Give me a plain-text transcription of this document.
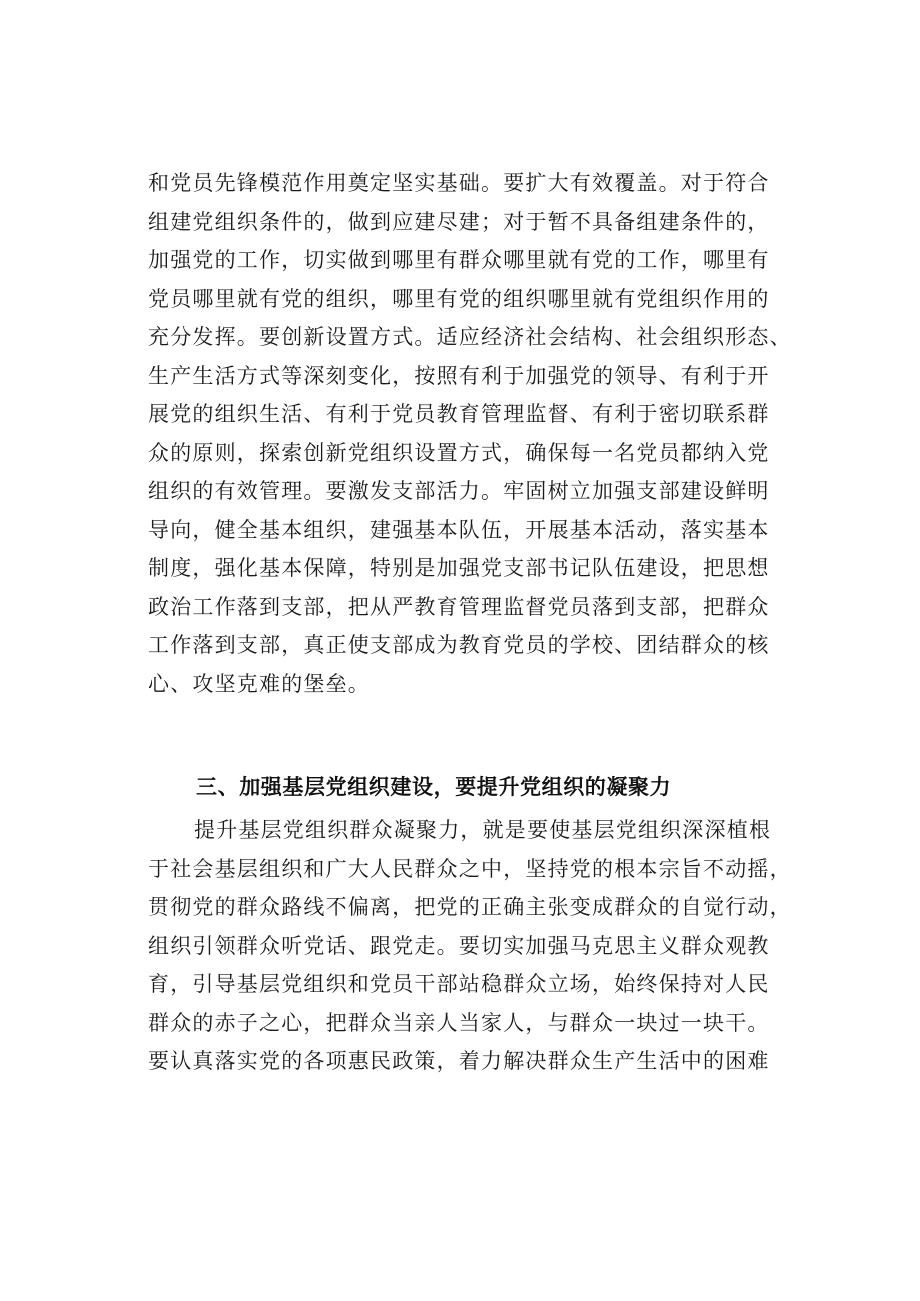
和党员先锋模范作用奠定坚实基础。要扩大有效覆盖。对于符合
组建党组织条件的，做到应建尽建；对于暂不具备组建条件的，
加强党的工作，切实做到哪里有群众哪里就有党的工作，哪里有
党员哪里就有党的组织，哪里有党的组织哪里就有党组织作用的
充分发挥。要创新设置方式。适应经济社会结构、社会组织形态、
生产生活方式等深刻变化，按照有利于加强党的领导、有利于开
展党的组织生活、有利于党员教育管理监督、有利于密切联系群
众的原则，探索创新党组织设置方式，确保每一名党员都纳入党
组织的有效管理。要激发支部活力。牢固树立加强支部建设鲜明
导向，健全基本组织，建强基本队伍，开展基本活动，落实基本
制度，强化基本保障，特别是加强党支部书记队伍建设，把思想
政治工作落到支部，把从严教育管理监督党员落到支部，把群众
工作落到支部，真正使支部成为教育党员的学校、团结群众的核
心、攻坚克难的堡垒。
三、加强基层党组织建设，要提升党组织的凝聚力
提升基层党组织群众凝聚力，就是要使基层党组织深深植根
于社会基层组织和广大人民群众之中，坚持党的根本宗旨不动摇，
贯彻党的群众路线不偏离，把党的正确主张变成群众的自觉行动，
组织引领群众听党话、跟党走。要切实加强马克思主义群众观教
育，引导基层党组织和党员干部站稳群众立场，始终保持对人民
群众的赤子之心，把群众当亲人当家人，与群众一块过一块干。
要认真落实党的各项惠民政策，着力解决群众生产生活中的困难
